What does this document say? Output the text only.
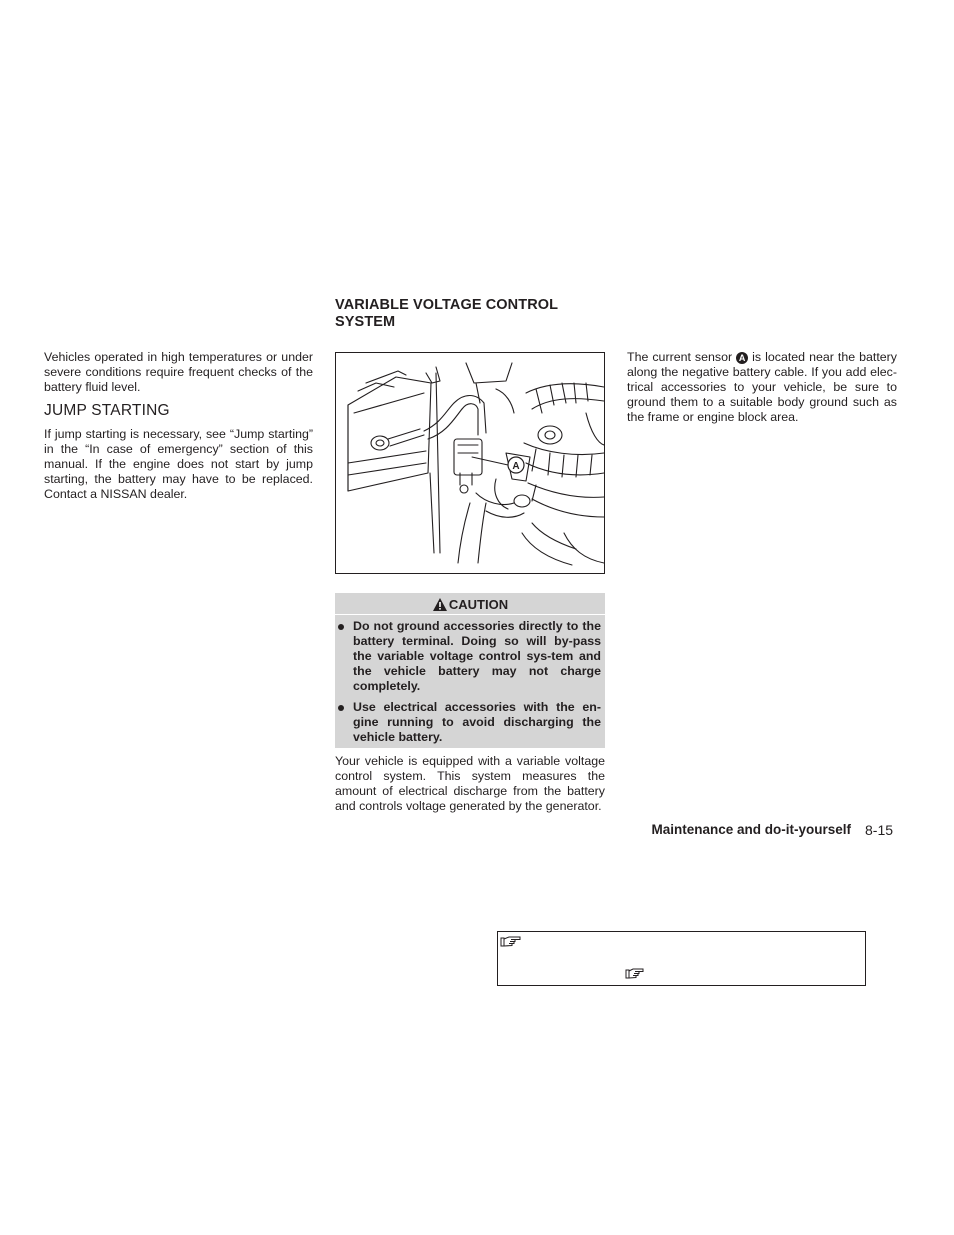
Vehicles operated in high temperatures or under severe conditions require frequent checks of the battery fluid level.

JUMP STARTING

If jump starting is necessary, see “Jump starting” in the “In case of emergency” section of this manual. If the engine does not start by jump starting, the battery may have to be replaced. Contact a NISSAN dealer.

VARIABLE VOLTAGE CONTROL
SYSTEM
A
CAUTION
Do not ground accessories directly to the battery terminal. Doing so will by-pass the variable voltage control sys-tem and the vehicle battery may not charge completely.
Use electrical accessories with the en-gine running to avoid discharging the vehicle battery.

Your vehicle is equipped with a variable voltage control system. This system measures the amount of electrical discharge from the battery and controls voltage generated by the generator.

The current sensor A is located near the battery along the negative battery cable. If you add elec-trical accessories to your vehicle, be sure to ground them to a suitable body ground such as the frame or engine block area.

Maintenance and do-it-yourself 8-15
